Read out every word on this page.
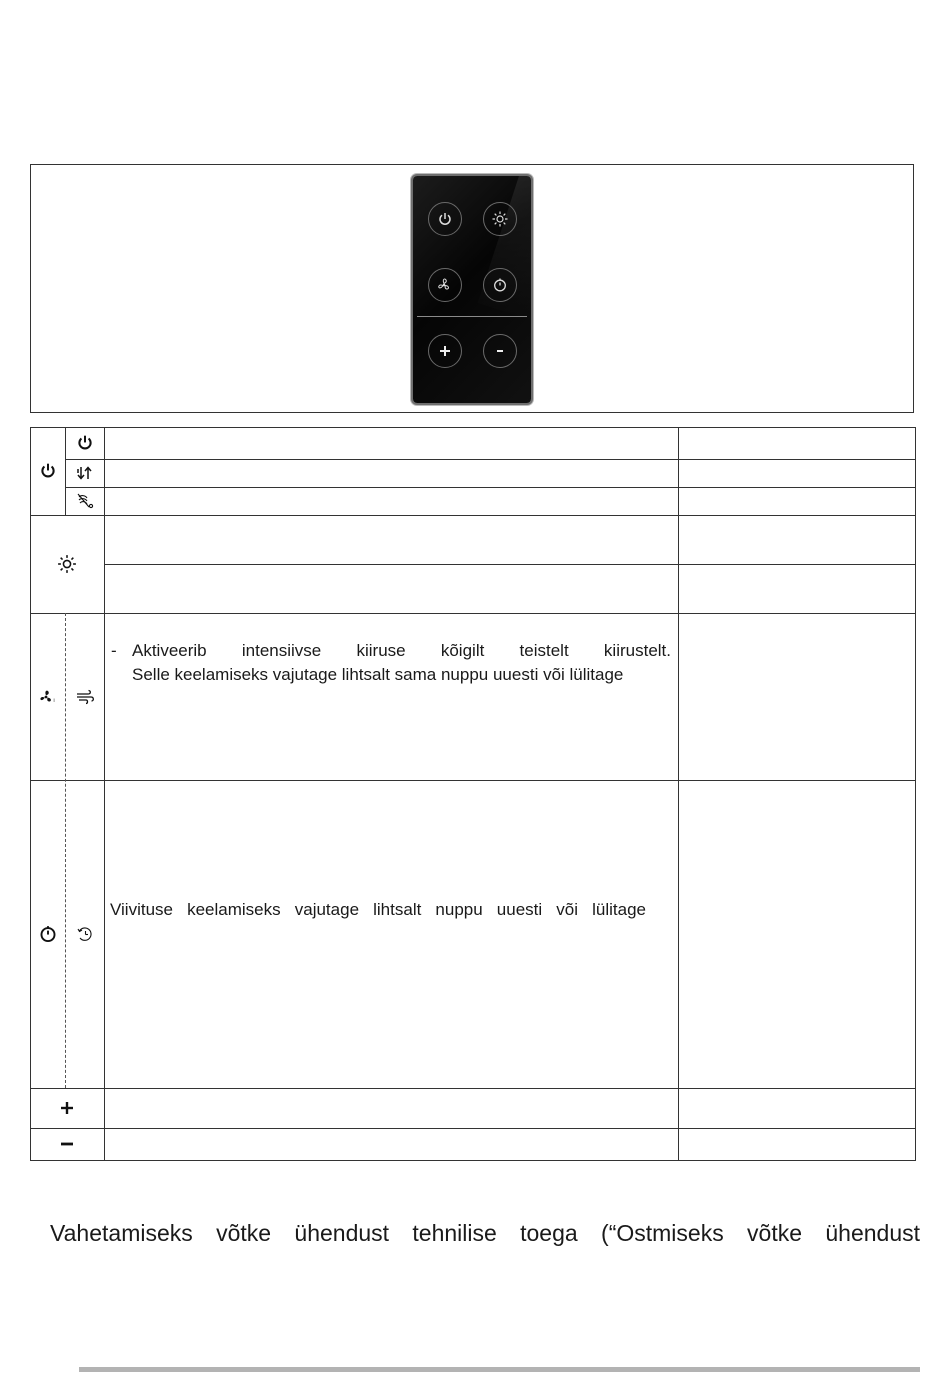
i
- Aktiveerib intensiivse kiiruse kõigilt teistelt kiirustelt.
Selle keelamiseks vajutage lihtsalt sama nuppu uuesti või lülitage
Viivituse keelamiseks vajutage lihtsalt nuppu uuesti või lülitage
Vahetamiseks võtke ühendust tehnilise toega (“Ostmiseks võtke ühendust
